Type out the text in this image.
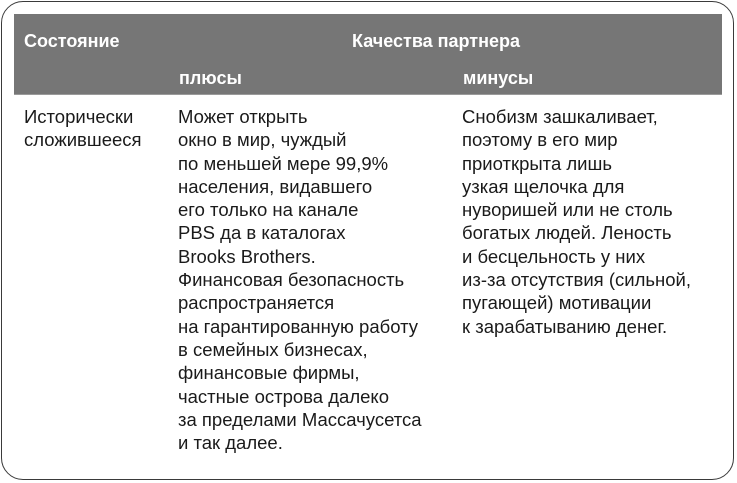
Состояние	Качества партнера
плюсы	минусы
Исторически
сложившееся
Может открыть
окно в мир, чуждый
по меньшей мере 99,9%
населения, видавшего
его только на канале
PBS да в каталогах
Brooks Brothers.
Финансовая безопасность
распространяется
на гарантированную работу
в семейных бизнесах,
финансовые фирмы,
частные острова далеко
за пределами Массачусетса
и так далее.
Снобизм зашкаливает,
поэтому в его мир
приоткрыта лишь
узкая щелочка для
нуворишей или не столь
богатых людей. Леность
и бесцельность у них
из-за отсутствия (сильной,
пугающей) мотивации
к зарабатыванию денег.
